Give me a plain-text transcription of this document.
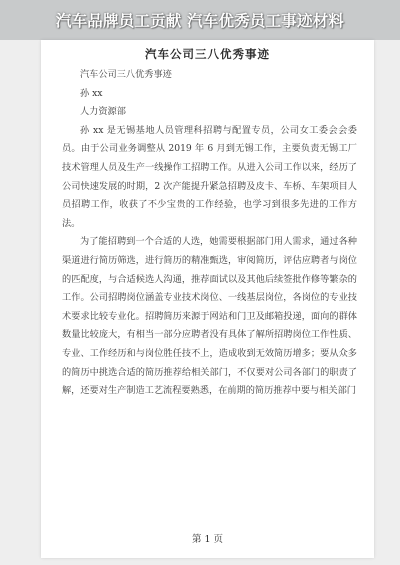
汽车品牌员工贡献 汽车优秀员工事迹材料
汽车公司三八优秀事迹

汽车公司三八优秀事迹

孙 xx

人力资源部

孙 xx 是无锡基地人员管理科招聘与配置专员，公司女工委会会委员。由于公司业务调整从 2019 年 6 月到无锡工作，主要负责无锡工厂技术管理人员及生产一线操作工招聘工作。从进入公司工作以来，经历了公司快速发展的时期，2 次产能提升紧急招聘及皮卡、车桥、车架项目人员招聘工作，收获了不少宝贵的工作经验，也学习到很多先进的工作方法。

为了能招聘到一个合适的人选，她需要根据部门用人需求，通过各种渠道进行简历筛选，进行简历的精准甄选，审阅简历，评估应聘者与岗位的匹配度，与合适候选人沟通，推荐面试以及其他后续签批作修等繁杂的工作。公司招聘岗位涵盖专业技术岗位、一线基层岗位，各岗位的专业技术要求比较专业化。招聘简历来源于网站和门卫及邮箱投递，面向的群体数量比较庞大，有相当一部分应聘者没有具体了解所招聘岗位工作性质、专业、工作经历和与岗位胜任技不上，造成收到无效简历增多；要从众多的简历中挑选合适的简历推荐给相关部门，不仅要对公司各部门的职责了解，还要对生产制造工艺流程要熟悉，在前期的简历推荐中要与相关部门

第 1 页
